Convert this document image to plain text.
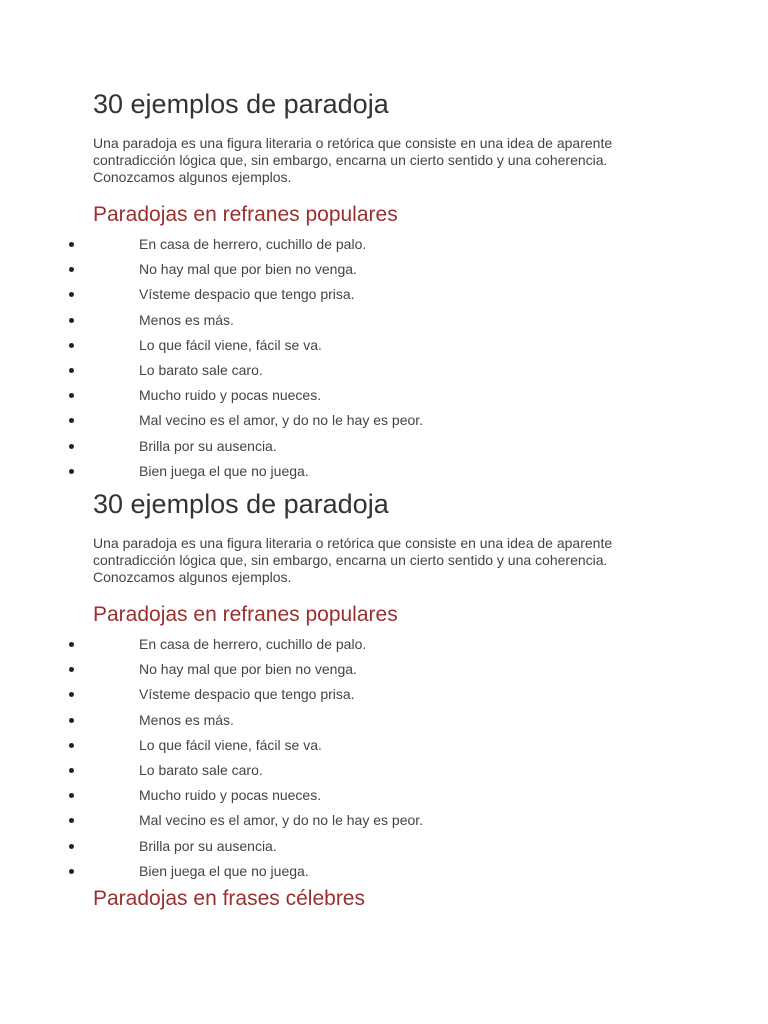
30 ejemplos de paradoja

Una paradoja es una figura literaria o retórica que consiste en una idea de aparente contradicción lógica que, sin embargo, encarna un cierto sentido y una coherencia. Conozcamos algunos ejemplos.

Paradojas en refranes populares
En casa de herrero, cuchillo de palo.
No hay mal que por bien no venga.
Vísteme despacio que tengo prisa.
Menos es más.
Lo que fácil viene, fácil se va.
Lo barato sale caro.
Mucho ruido y pocas nueces.
Mal vecino es el amor, y do no le hay es peor.
Brilla por su ausencia.
Bien juega el que no juega.
30 ejemplos de paradoja

Una paradoja es una figura literaria o retórica que consiste en una idea de aparente contradicción lógica que, sin embargo, encarna un cierto sentido y una coherencia. Conozcamos algunos ejemplos.

Paradojas en refranes populares
En casa de herrero, cuchillo de palo.
No hay mal que por bien no venga.
Vísteme despacio que tengo prisa.
Menos es más.
Lo que fácil viene, fácil se va.
Lo barato sale caro.
Mucho ruido y pocas nueces.
Mal vecino es el amor, y do no le hay es peor.
Brilla por su ausencia.
Bien juega el que no juega.
Paradojas en frases célebres
